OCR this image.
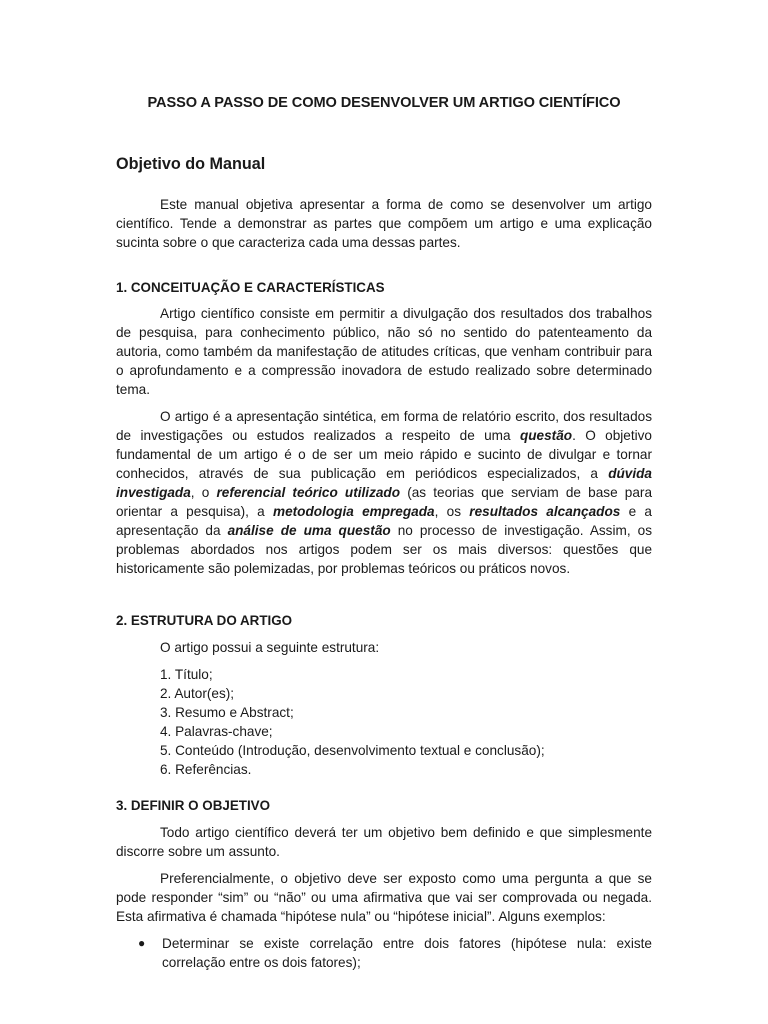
PASSO A PASSO DE COMO DESENVOLVER UM ARTIGO CIENTÍFICO
Objetivo do Manual

Este manual objetiva apresentar a forma de como se desenvolver um artigo científico. Tende a demonstrar as partes que compõem um artigo e uma explicação sucinta sobre o que caracteriza cada uma dessas partes.

1. CONCEITUAÇÃO E CARACTERÍSTICAS

Artigo científico consiste em permitir a divulgação dos resultados dos trabalhos de pesquisa, para conhecimento público, não só no sentido do patenteamento da autoria, como também da manifestação de atitudes críticas, que venham contribuir para o aprofundamento e a compressão inovadora de estudo realizado sobre determinado tema.

O artigo é a apresentação sintética, em forma de relatório escrito, dos resultados de investigações ou estudos realizados a respeito de uma questão. O objetivo fundamental de um artigo é o de ser um meio rápido e sucinto de divulgar e tornar conhecidos, através de sua publicação em periódicos especializados, a dúvida investigada, o referencial teórico utilizado (as teorias que serviam de base para orientar a pesquisa), a metodologia empregada, os resultados alcançados e a apresentação da análise de uma questão no processo de investigação. Assim, os problemas abordados nos artigos podem ser os mais diversos: questões que historicamente são polemizadas, por problemas teóricos ou práticos novos.

2. ESTRUTURA DO ARTIGO

O artigo possui a seguinte estrutura:

1. Título;
2. Autor(es);
3. Resumo e Abstract;
4. Palavras-chave;
5. Conteúdo (Introdução, desenvolvimento textual e conclusão);
6. Referências.

3. DEFINIR O OBJETIVO

Todo artigo científico deverá ter um objetivo bem definido e que simplesmente discorre sobre um assunto.

Preferencialmente, o objetivo deve ser exposto como uma pergunta a que se pode responder “sim” ou “não” ou uma afirmativa que vai ser comprovada ou negada. Esta afirmativa é chamada “hipótese nula” ou “hipótese inicial”. Alguns exemplos:

● Determinar se existe correlação entre dois fatores (hipótese nula: existe correlação entre os dois fatores);
